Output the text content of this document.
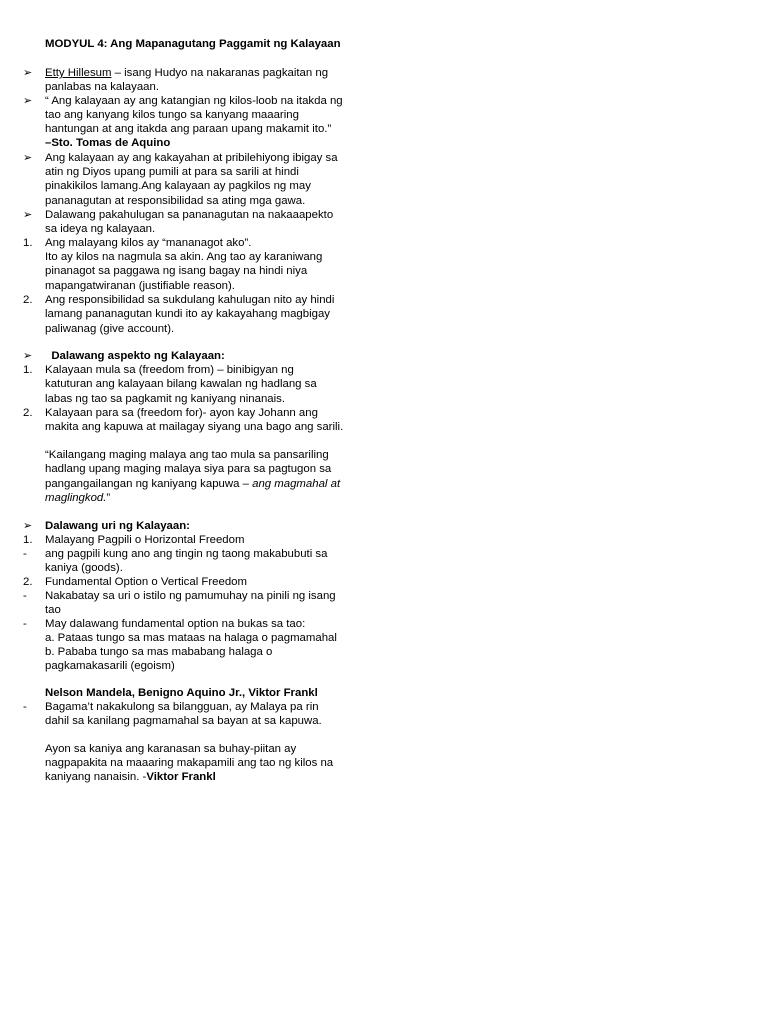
MODYUL 4: Ang Mapanagutang Paggamit ng Kalayaan
➢ Etty Hillesum – isang Hudyo na nakaranas pagkaitan ng
panlabas na kalayaan.
➢ “ Ang kalayaan ay ang katangian ng kilos-loob na itakda ng
tao ang kanyang kilos tungo sa kanyang maaaring
hantungan at ang itakda ang paraan upang makamit ito.”
–Sto. Tomas de Aquino
➢ Ang kalayaan ay ang kakayahan at pribilehiyong ibigay sa
atin ng Diyos upang pumili at para sa sarili at hindi
pinakikilos lamang.Ang kalayaan ay pagkilos ng may
pananagutan at responsibilidad sa ating mga gawa.
➢ Dalawang pakahulugan sa pananagutan na nakaaapekto
sa ideya ng kalayaan.
1. Ang malayang kilos ay “mananagot ako”.
Ito ay kilos na nagmula sa akin. Ang tao ay karaniwang
pinanagot sa paggawa ng isang bagay na hindi niya
mapangatwiranan (justifiable reason).
2. Ang responsibilidad sa sukdulang kahulugan nito ay hindi
lamang pananagutan kundi ito ay kakayahang magbigay
paliwanag (give account).
➢ Dalawang aspekto ng Kalayaan:
1. Kalayaan mula sa (freedom from) – binibigyan ng
katuturan ang kalayaan bilang kawalan ng hadlang sa
labas ng tao sa pagkamit ng kaniyang ninanais.
2. Kalayaan para sa (freedom for)- ayon kay Johann ang
makita ang kapuwa at mailagay siyang una bago ang sarili.
“Kailangang maging malaya ang tao mula sa pansariling
hadlang upang maging malaya siya para sa pagtugon sa
pangangailangan ng kaniyang kapuwa – ang magmahal at
maglingkod.”
➢ Dalawang uri ng Kalayaan:
1. Malayang Pagpili o Horizontal Freedom
- ang pagpili kung ano ang tingin ng taong makabubuti sa
kaniya (goods).
2. Fundamental Option o Vertical Freedom
- Nakabatay sa uri o istilo ng pamumuhay na pinili ng isang
tao
- May dalawang fundamental option na bukas sa tao:
a. Pataas tungo sa mas mataas na halaga o pagmamahal
b. Pababa tungo sa mas mababang halaga o
pagkamakasarili (egoism)
Nelson Mandela, Benigno Aquino Jr., Viktor Frankl
- Bagama’t nakakulong sa bilangguan, ay Malaya pa rin
dahil sa kanilang pagmamahal sa bayan at sa kapuwa.
Ayon sa kaniya ang karanasan sa buhay-piitan ay
nagpapakita na maaaring makapamili ang tao ng kilos na
kaniyang nanaisin. -Viktor Frankl
